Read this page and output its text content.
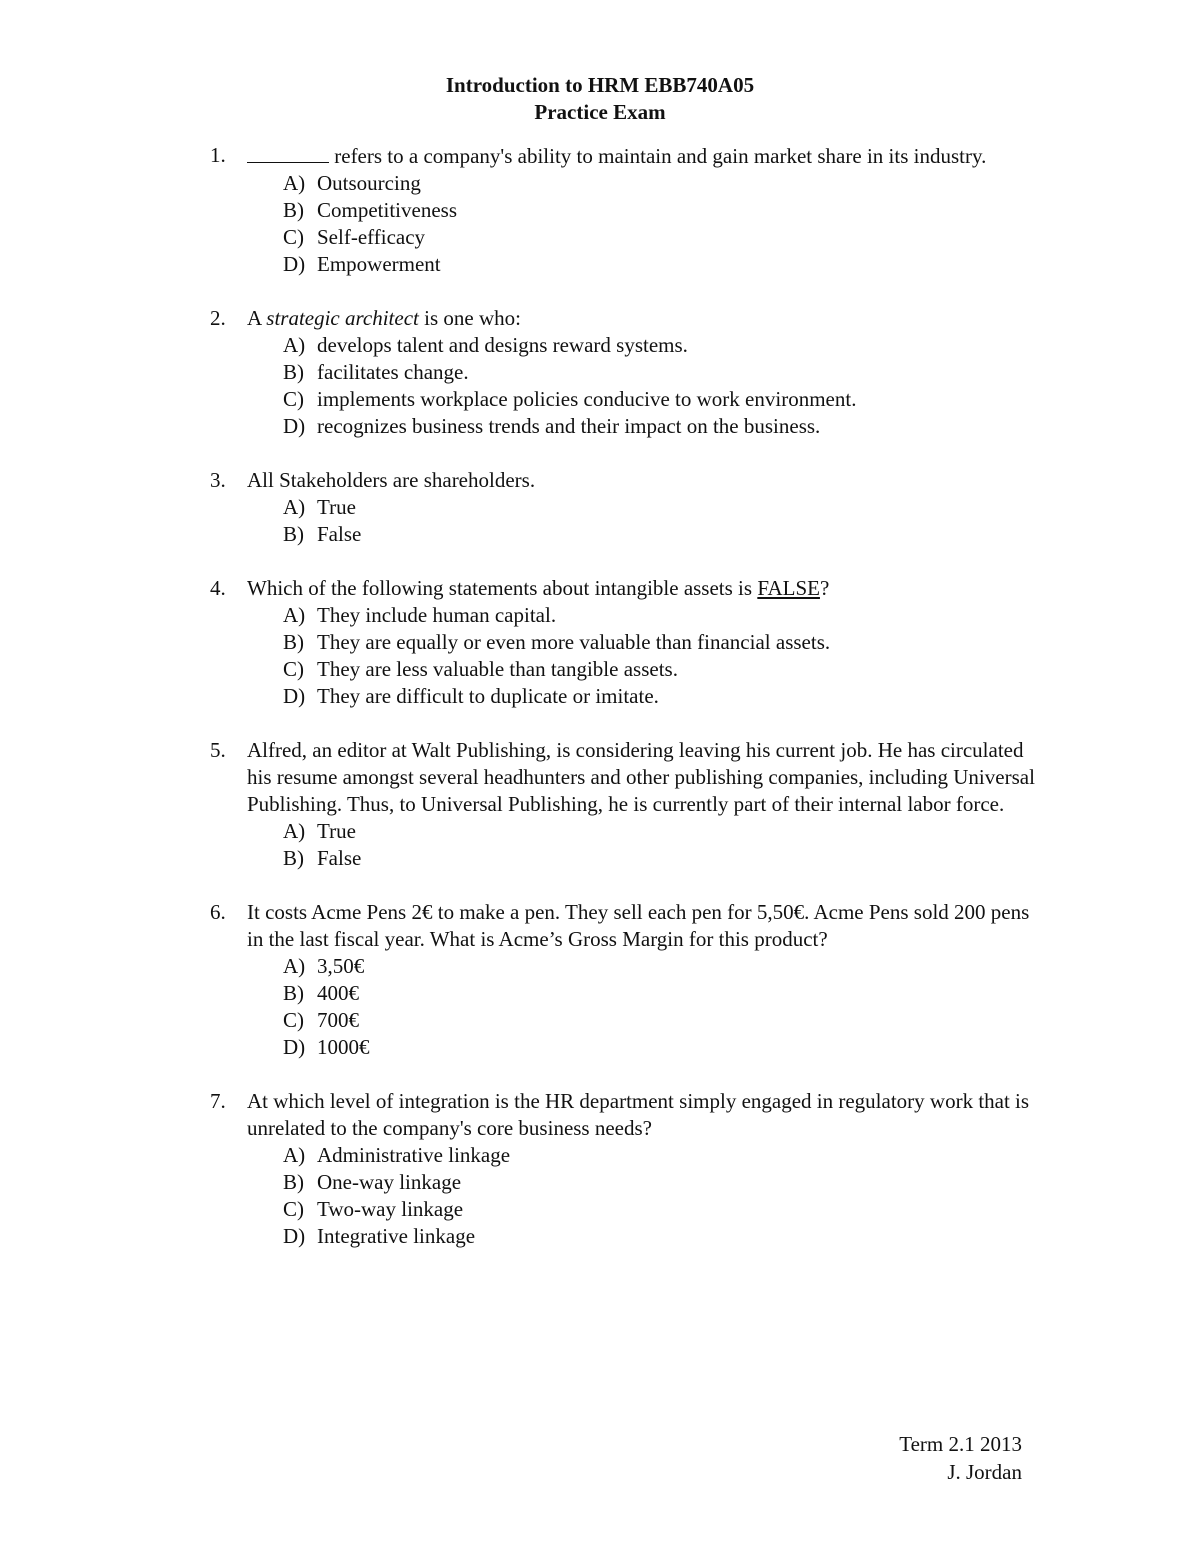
Introduction to HRM EBB740A05
Practice Exam
1.	refers to a company's ability to maintain and gain market share in its industry.
A) Outsourcing
B) Competitiveness
C) Self-efficacy
D) Empowerment
2. A strategic architect is one who:
A) develops talent and designs reward systems.
B) facilitates change.
C) implements workplace policies conducive to work environment.
D) recognizes business trends and their impact on the business.
3. All Stakeholders are shareholders.
A) True
B) False
4. Which of the following statements about intangible assets is FALSE?
A) They include human capital.
B) They are equally or even more valuable than financial assets.
C) They are less valuable than tangible assets.
D) They are difficult to duplicate or imitate.
5. Alfred, an editor at Walt Publishing, is considering leaving his current job. He has circulated his resume amongst several headhunters and other publishing companies, including Universal Publishing. Thus, to Universal Publishing, he is currently part of their internal labor force.
A) True
B) False
6. It costs Acme Pens 2€ to make a pen. They sell each pen for 5,50€. Acme Pens sold 200 pens in the last fiscal year. What is Acme’s Gross Margin for this product?
A) 3,50€
B) 400€
C) 700€
D) 1000€
7. At which level of integration is the HR department simply engaged in regulatory work that is unrelated to the company's core business needs?
A) Administrative linkage
B) One-way linkage
C) Two-way linkage
D) Integrative linkage
Term 2.1 2013
J. Jordan
